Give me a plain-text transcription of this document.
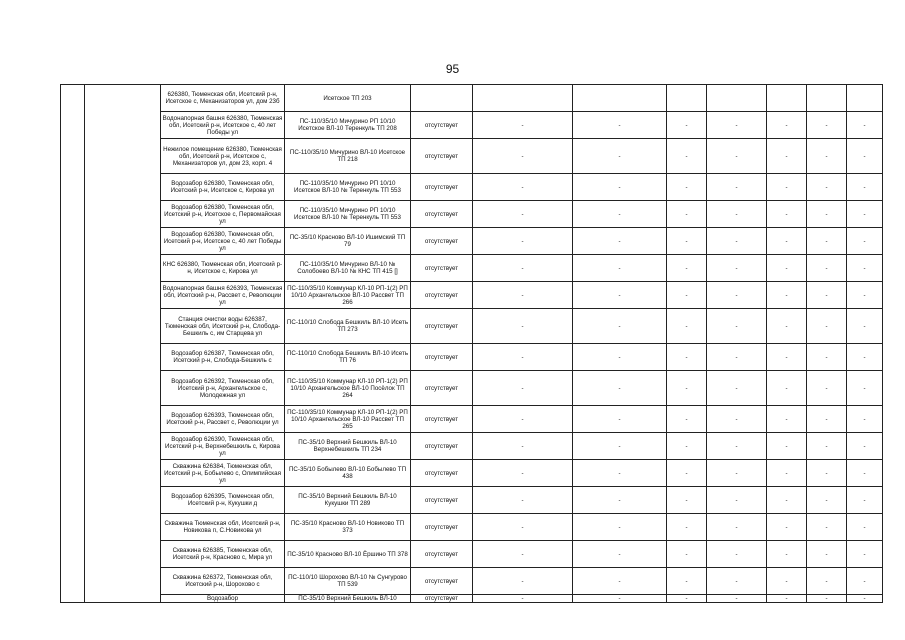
95
		626380, Тюменская обл, Исетский р-н, Исетское с, Механизаторов ул, дом 23б	Исетское ТП 203								
		Водонапорная башня 626380, Тюменская обл, Исетский р-н, Исетское с, 40 лет Победы ул	ПС-110/35/10 Мичурино РП 10/10 Исетское ВЛ-10 Теренкуль ТП 208	отсутствует	-	-	-	-	-	-	-
		Нежилое помещение 626380, Тюменская обл, Исетский р-н, Исетское с, Механизаторов ул, дом 23, корп. 4	ПС-110/35/10 Мичурино ВЛ-10 Исетское ТП 218	отсутствует	-	-	-	-	-	-	-
		Водозабор 626380, Тюменская обл, Исетский р-н, Исетское с, Кирова ул	ПС-110/35/10 Мичурино РП 10/10 Исетское ВЛ-10 № Теренкуль ТП 553	отсутствует	-	-	-	-	-	-	-
		Водозабор 626380, Тюменская обл, Исетский р-н, Исетское с, Первомайская ул	ПС-110/35/10 Мичурино РП 10/10 Исетское ВЛ-10 № Теренкуль ТП 553	отсутствует	-	-	-	-	-	-	-
		Водозабор 626380, Тюменская обл, Исетский р-н, Исетское с, 40 лет Победы ул	ПС-35/10 Красново ВЛ-10 Ишимский ТП 79	отсутствует	-	-	-	-	-	-	-
		КНС 626380, Тюменская обл, Исетский р-н, Исетское с, Кирова ул	ПС-110/35/10 Мичурино ВЛ-10 № Солобоево ВЛ-10 № КНС ТП 415 []	отсутствует	-	-	-	-	-	-	-
		Водонапорная башня 626393, Тюменская обл, Исетский р-н, Рассвет с, Революции ул	ПС-110/35/10 Коммунар КЛ-10 РП-1(2) РП 10/10 Архангельское ВЛ-10 Рассвет ТП 266	отсутствует	-	-	-	-	-	-	-
		Станция очистки воды 626387, Тюменская обл, Исетский р-н, Слобода-Бешкиль с, им Старцева ул	ПС-110/10 Слобода Бешкиль ВЛ-10 Исеть ТП 273	отсутствует	-	-	-	-	-	-	-
		Водозабор 626387, Тюменская обл, Исетский р-н, Слобода-Бешкиль с	ПС-110/10 Слобода Бешкиль ВЛ-10 Исеть ТП 76	отсутствует	-	-	-	-	-	-	-
		Водозабор 626392, Тюменская обл, Исетский р-н, Архангельское с, Молодежная ул	ПС-110/35/10 Коммунар КЛ-10 РП-1(2) РП 10/10 Архангельское ВЛ-10 Посёлок ТП 264	отсутствует	-	-	-	-	-	-	-
		Водозабор 626393, Тюменская обл, Исетский р-н, Рассвет с, Революции ул	ПС-110/35/10 Коммунар КЛ-10 РП-1(2) РП 10/10 Архангельское ВЛ-10 Рассвет ТП 265	отсутствует	-	-	-	-	-	-	-
		Водозабор 626390, Тюменская обл, Исетский р-н, Верхнебешкиль с, Кирова ул	ПС-35/10 Верхний Бешкиль ВЛ-10 Верхнебешкиль ТП 234	отсутствует	-	-	-	-	-	-	-
		Скважина 626384, Тюменская обл, Исетский р-н, Бобылево с, Олимпийская ул	ПС-35/10 Бобылево ВЛ-10 Бобылево ТП 438	отсутствует	-	-	-	-	-	-	-
		Водозабор 626395, Тюменская обл, Исетский р-н, Кукушки д	ПС-35/10 Верхний Бешкиль ВЛ-10 Кукушки ТП 289	отсутствует	-	-	-	-	-	-	-
		Скважина Тюменская обл, Исетский р-н, Новикова п, С.Новикова ул	ПС-35/10 Красново ВЛ-10 Новиково ТП 373	отсутствует	-	-	-	-	-	-	-
		Скважина 626385, Тюменская обл, Исетский р-н, Красново с, Мира ул	ПС-35/10 Красново ВЛ-10 Ёршино ТП 378	отсутствует	-	-	-	-	-	-	-
		Скважина 626372, Тюменская обл, Исетский р-н, Шорохово с	ПС-110/10 Шорохово ВЛ-10 № Сунгурово ТП 539	отсутствует	-	-	-	-	-	-	-
		Водозабор	ПС-35/10 Верхний Бешкиль ВЛ-10	отсутствует	-	-	-	-	-	-	-
